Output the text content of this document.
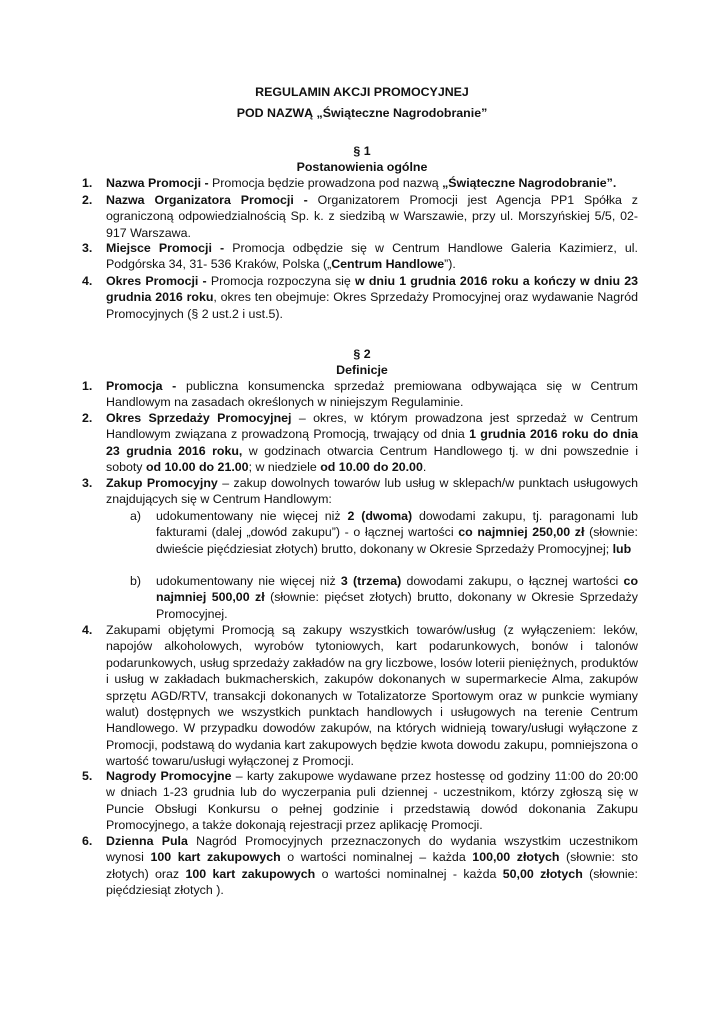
REGULAMIN AKCJI PROMOCYJNEJ
POD NAZWĄ „Świąteczne Nagrodobranie”
§ 1
Postanowienia ogólne
1. Nazwa Promocji - Promocja będzie prowadzona pod nazwą „Świąteczne Nagrodobranie”.
2. Nazwa Organizatora Promocji - Organizatorem Promocji jest Agencja PP1 Spółka z ograniczoną odpowiedzialnością Sp. k. z siedzibą w Warszawie, przy ul. Morszyńskiej 5/5, 02-917 Warszawa.
3. Miejsce Promocji - Promocja odbędzie się w Centrum Handlowe Galeria Kazimierz, ul. Podgórska 34, 31- 536 Kraków, Polska („Centrum Handlowe”).
4. Okres Promocji - Promocja rozpoczyna się w dniu 1 grudnia 2016 roku a kończy w dniu 23 grudnia 2016 roku, okres ten obejmuje: Okres Sprzedaży Promocyjnej oraz wydawanie Nagród Promocyjnych (§ 2 ust.2 i ust.5).
§ 2
Definicje
1. Promocja - publiczna konsumencka sprzedaż premiowana odbywająca się w Centrum Handlowym na zasadach określonych w niniejszym Regulaminie.
2. Okres Sprzedaży Promocyjnej – okres, w którym prowadzona jest sprzedaż w Centrum Handlowym związana z prowadzoną Promocją, trwający od dnia 1 grudnia 2016 roku do dnia 23 grudnia 2016 roku, w godzinach otwarcia Centrum Handlowego tj. w dni powszednie i soboty od 10.00 do 21.00; w niedziele od 10.00 do 20.00.
3. Zakup Promocyjny – zakup dowolnych towarów lub usług w sklepach/w punktach usługowych znajdujących się w Centrum Handlowym:
a) udokumentowany nie więcej niż 2 (dwoma) dowodami zakupu, tj. paragonami lub fakturami (dalej „dowód zakupu”) - o łącznej wartości co najmniej 250,00 zł (słownie: dwieście pięćdziesiat złotych) brutto, dokonany w Okresie Sprzedaży Promocyjnej; lub
b) udokumentowany nie więcej niż 3 (trzema) dowodami zakupu, o łącznej wartości co najmniej 500,00 zł (słownie: pięćset złotych) brutto, dokonany w Okresie Sprzedaży Promocyjnej.
4. Zakupami objętymi Promocją są zakupy wszystkich towarów/usług (z wyłączeniem: leków, napojów alkoholowych, wyrobów tytoniowych, kart podarunkowych, bonów i talonów podarunkowych, usług sprzedaży zakładów na gry liczbowe, losów loterii pieniężnych, produktów i usług w zakładach bukmacherskich, zakupów dokonanych w supermarkecie Alma, zakupów sprzętu AGD/RTV, transakcji dokonanych w Totalizatorze Sportowym oraz w punkcie wymiany walut) dostępnych we wszystkich punktach handlowych i usługowych na terenie Centrum Handlowego. W przypadku dowodów zakupów, na których widnieją towary/usługi wyłączone z Promocji, podstawą do wydania kart zakupowych będzie kwota dowodu zakupu, pomniejszona o wartość towaru/usługi wyłączonej z Promocji.
5. Nagrody Promocyjne – karty zakupowe wydawane przez hostessę od godziny 11:00 do 20:00 w dniach 1-23 grudnia lub do wyczerpania puli dziennej - uczestnikom, którzy zgłoszą się w Puncie Obsługi Konkursu o pełnej godzinie i przedstawią dowód dokonania Zakupu Promocyjnego, a także dokonają rejestracji przez aplikację Promocji.
6. Dzienna Pula Nagród Promocyjnych przeznaczonych do wydania wszystkim uczestnikom wynosi 100 kart zakupowych o wartości nominalnej – każda 100,00 złotych (słownie: sto złotych) oraz 100 kart zakupowych o wartości nominalnej - każda 50,00 złotych (słownie: pięćdziesiąt złotych ).
